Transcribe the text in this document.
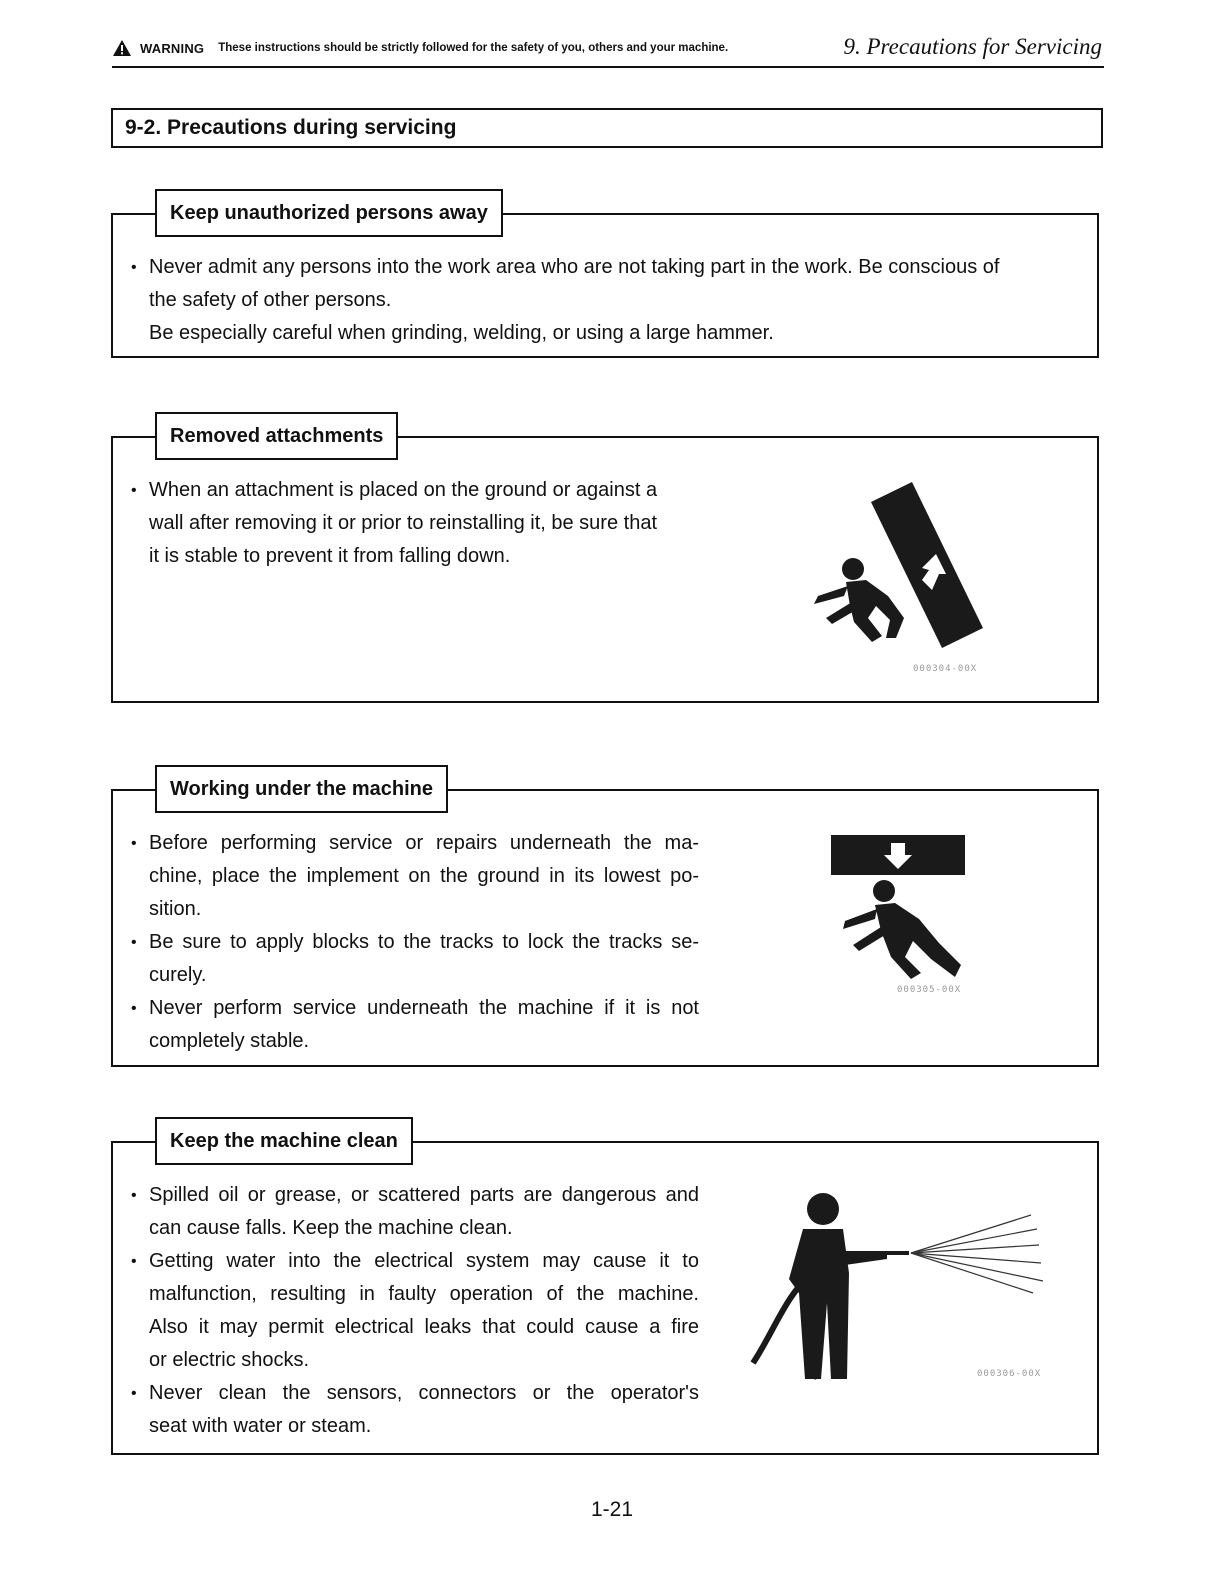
WARNING These instructions should be strictly followed for the safety of you, others and your machine.	9. Precautions for Servicing
9-2. Precautions during servicing
Keep unauthorized persons away
• Never admit any persons into the work area who are not taking part in the work. Be conscious of
the safety of other persons.
Be especially careful when grinding, welding, or using a large hammer.
Removed attachments
• When an attachment is placed on the ground or against a
wall after removing it or prior to reinstalling it, be sure that
it is stable to prevent it from falling down.
000304-00X
Working under the machine
• Before performing service or repairs underneath the ma-
chine, place the implement on the ground in its lowest po-
sition.
• Be sure to apply blocks to the tracks to lock the tracks se-
curely.
• Never perform service underneath the machine if it is not
completely stable.
000305-00X
Keep the machine clean
• Spilled oil or grease, or scattered parts are dangerous and
can cause falls. Keep the machine clean.
• Getting water into the electrical system may cause it to
malfunction, resulting in faulty operation of the machine.
Also it may permit electrical leaks that could cause a fire
or electric shocks.
• Never clean the sensors, connectors or the operator's
seat with water or steam.
000306-00X
1-21
